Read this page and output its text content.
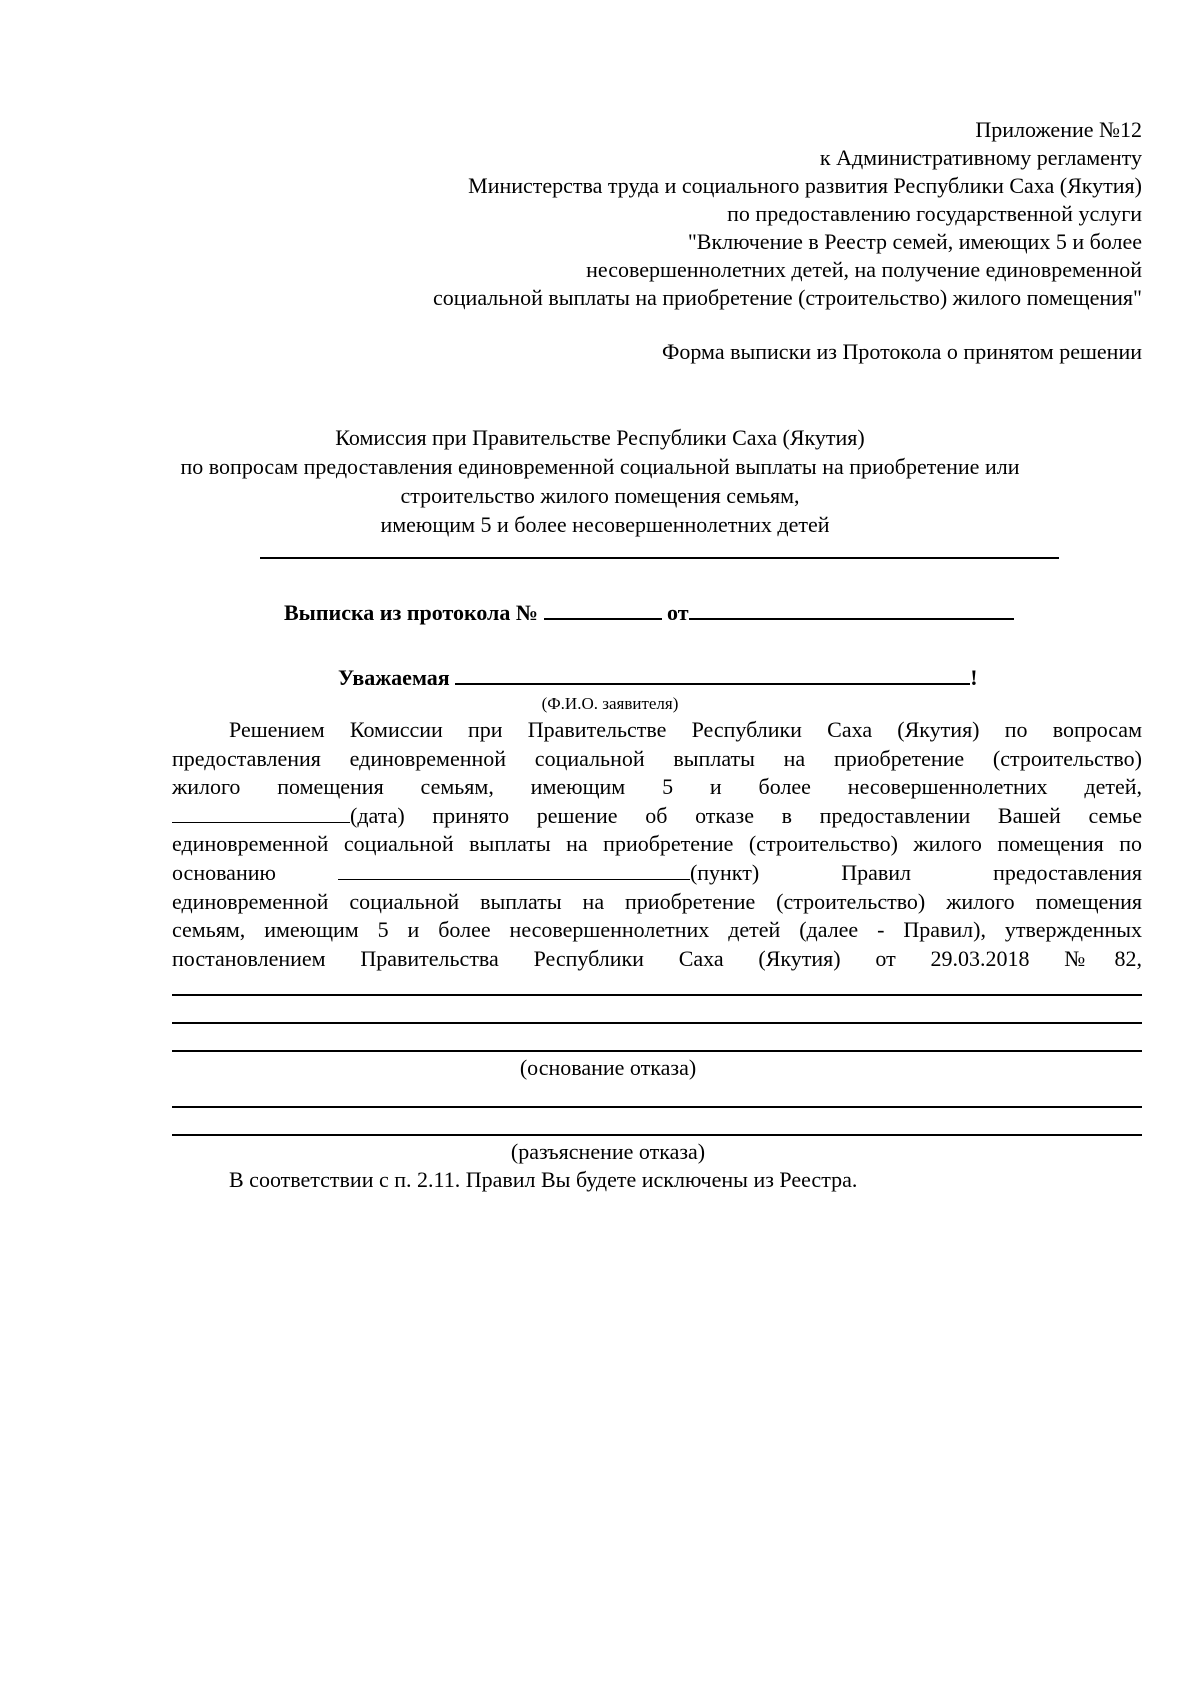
Приложение №12
к Административному регламенту
Министерства труда и социального развития Республики Саха (Якутия)
по предоставлению государственной услуги
"Включение в Реестр семей, имеющих 5 и более
несовершеннолетних детей, на получение единовременной
социальной выплаты на приобретение (строительство) жилого помещения"
Форма выписки из Протокола о принятом решении
Комиссия при Правительстве Республики Саха (Якутия)
по вопросам предоставления единовременной социальной выплаты на приобретение или
строительство жилого помещения семьям,
имеющим 5 и более несовершеннолетних детей
Выписка из протокола №	от
Уважаемая	!
(Ф.И.О. заявителя)
Решением Комиссии при Правительстве Республики Саха (Якутия) по вопросам
предоставления единовременной социальной выплаты на приобретение (строительство)
жилого помещения семьям, имеющим 5 и более несовершеннолетних детей,
(дата) принято решение об отказе в предоставлении Вашей семье
единовременной социальной выплаты на приобретение (строительство) жилого помещения по
основанию	(пункт) Правил предоставления
единовременной социальной выплаты на приобретение (строительство) жилого помещения
семьям, имеющим 5 и более несовершеннолетних детей (далее - Правил), утвержденных
постановлением Правительства Республики Саха (Якутия) от 29.03.2018 №82,
(основание отказа)
(разъяснение отказа)
В соответствии с п. 2.11. Правил Вы будете исключены из Реестра.
